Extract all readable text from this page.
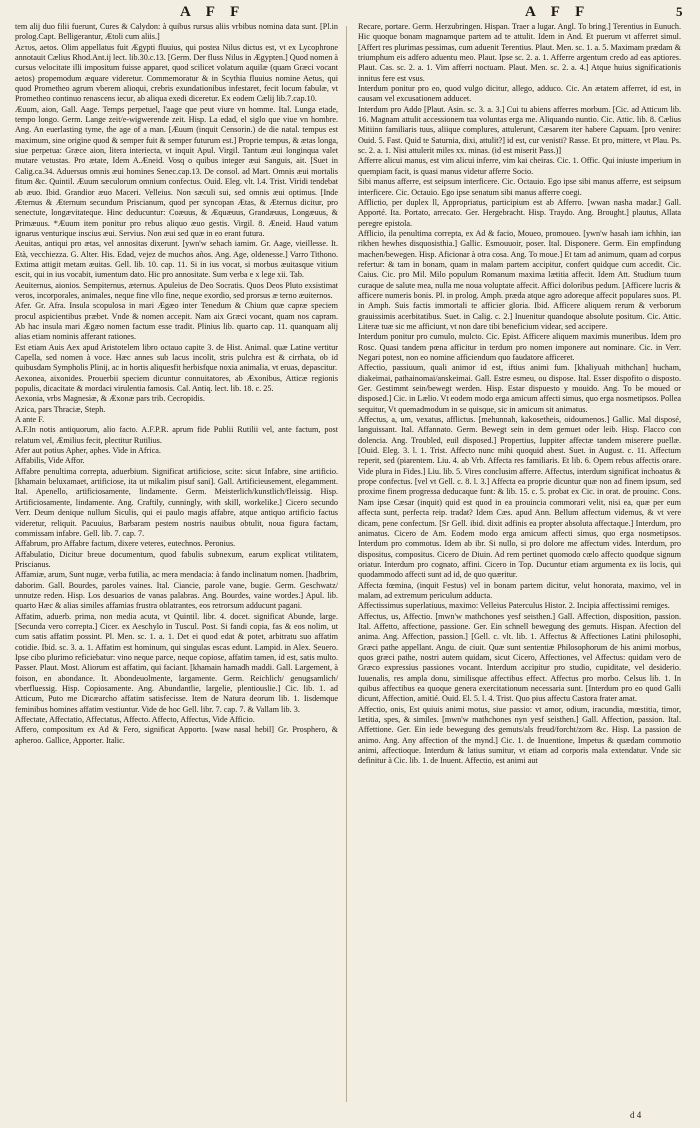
A F F	A F F	5

tem alij duo filii fuerunt, Cures & Calydon: à quibus rursus aliis vrbibus nomina data sunt. [Pl.in prolog.Capt. Belligerantur, Ætoli cum aliis.]

Aετυs, aetos. Olim appellatus fuit Ægypti fluuius, qui postea Nilus dictus est, vt ex Lycophrone annotauit Cælius Rhod.Ant.ij lect. lib.30.c.13. [Germ. Der fluss Nilus in Ægypten.] Quod nomen à cursus velocitate illi impositum fuisse apparet, quod scilicet volatum aquilæ (quam Græci vocant aetos) propemodum æquare videretur. Commemoratur & in Scythia fluuius nomine Aetus, qui quod Prometheo agrum vberem alioqui, crebris exundationibus infestaret, fecit locum fabulæ, vt Prometheo continuo renascens iecur, ab aliqua exedi diceretur. Ex eodem Cælij lib.7.cap.10.

Æuum, aion, Gall. Aage. Temps perpetuel, l'aage que peut viure vn homme. Ital. Lunga etade, tempo longo. Germ. Lange zeit/e-wigwerende zeit. Hisp. La edad, el siglo que viue vn hombre. Ang. An euerlasting tyme, the age of a man. [Æuum (inquit Censorin.) de die natal. tempus est maximum, sine origine quod & semper fuit & semper futurum est.] Proprie tempus, & ætas longa, siue perpetua: Græce aion, litera interiecta, vt inquit Apul. Virgil. Tantum æui longinqua valet mutare vetustas. Pro ætate, Idem A.Æneid. Vosq o quibus integer æui Sanguis, ait. [Suet in Calig.ca.34. Aduersus omnis æui homines Senec.cap.13. De consol. ad Mart. Omnis æui mortalis fitum &c. Quintil. Æuum sæculorum omnium confectus. Ouid. Eleg. vlt. l.4. Trist. Viridi tendebat ab æuo. Ibid. Grandior æuo Maceri. Velleius. Non sæculi sui, sed omnis æui optimus. [Inde Æternus & Æternum secundum Priscianum, quod per syncopan Ætas, & Æternus dicitur, pro senectute, longævitateque. Hinc deducuntur: Coæuus, & Æquæuus, Grandæuus, Longæuus, & Primæuus. *Æuum item ponitur pro rebus aliquo æuo gestis. Virgil. 8. Æneid. Haud vatum ignarus venturique inscius æui. Servius. Non æui sed quæ in eo erant futura.

Aeuitas, antiqui pro ætas, vel annositas dixerunt. [ywn'w sehach iamim. Gr. Aage, vieillesse. It. Età, vecchiezza. G. Alter. His. Edad, vejez de muchos años. Ang. Age, oldenesse.] Varro Tithono. Extima attigit metam æuitas. Gell. lib. 10. cap. 11. Si in ius vocat, si morbus æuitasque vitium escit, qui in ius vocabit, iumentum dato. Hic pro annositate. Sum verba e x lege xii. Tab.

Aeuiternus, aionios. Sempiternus, æternus. Apuleius de Deo Socratis. Quos Deos Pluto exsistimat veros, incorporales, animales, neque fine vllo fine, neque exordio, sed prorsus æ terno æuiternos.

Afer. Gr. Afra. Insula scopulosa in mari Ægæo inter Tenedum & Chium quæ capræ speciem procul aspicientibus præbet. Vnde & nomen accepit. Nam aix Græci vocant, quam nos capram. Ab hac insula mari Ægæo nomen factum esse tradit. Plinius lib. quarto cap. 11. quanquam alij alias etiam nominis afferant rationes.

Est etiam Auis Aex apud Aristotelem libro octauo capite 3. de Hist. Animal. quæ Latine vertitur Capella, sed nomen à voce. Hæc annes sub lacus incolit, stris pulchra est & cirrhata, ob id quibusdam Sympholis Plinij, ac in hortis aliquesfit herbisfque noxia animalia, vt eruas, depascitur.

Aexonea, aixonides. Prouerbii speciem dicuntur connuitatores, ab Æxonibus, Atticæ regionis populis, dicacitate & mordaci virulentia famosis. Cal. Antiq. lect. lib. 18. c. 25.

Aexonia, vrbs Magnesiæ, & Æxonæ pars trib. Cecropidis.

Azica, pars Thraciæ, Steph.

A ante F.

A.F.In notis antiquorum, alio facto. A.F.P.R. aprum fide Publii Rutilii vel, ante factum, post relatum vel, Æmilius fecit, plectitur Rutilius.

Afer aut potius Apher, aphes. Vide in Africa.

Affabilis, Vide Affor.

Affabre penultima correpta, aduerbium. Significat artificiose, scite: sicut Infabre, sine artificio. [khamain beluxamaet, artificiose, ita ut mikalim pisuf sani]. Gall. Artificieusement, elegamment. Ital. Apenello, artificiosamente, lindamente. Germ. Meisterlich/kunstlich/fleissig. Hisp. Artificiosamente, lindamente. Ang. Craftily, cunningly, with skill, workelike.] Cicero secundo Verr. Deum denique nullum Siculis, qui ei paulo magis affabre, atque antiquo artificio factus videretur, reliquit. Pacuuius, Barbaram pestem nostris nauibus obtulit, noua figura factam, commissam infabre. Gell. lib. 7. cap. 7.

Affabrum, pro Affabre factum, dixere veteres, eutechnos. Peronius.

Affabulatio, Dicitur breue documentum, quod fabulis subnexum, earum explicat vtilitatem, Priscianus.

Affamiæ, arum, Sunt nugæ, verba futilia, ac mera mendacia: à fando inclinatum nomen. [hadbrim, daborim. Gall. Bourdes, paroles vaines. Ital. Ciancie, parole vane, bugie. Germ. Geschwatz/ unnutze reden. Hisp. Los desuarios de vanas palabras. Ang. Bourdes, vaine wordes.] Apul. lib. quarto Hæc & alias similes affamias frustra oblatrantes, eos retrorsum adducunt pagani.

Affatim, aduerb. prima, non media acuta, vt Quintil. libr. 4. docet. significat Abunde, large. [Secunda vero correpta.] Cicer. ex Aeschylo in Tuscul. Post. Si fandi copia, fas & eos nolim, ut cum satis affatim possint. Pl. Men. sc. 1. a. 1. Det ei quod edat & potet, arbitratu suo affatim cotidie. Ibid. sc. 3. a. 1. Affatim est hominum, qui singulas escas edunt. Lampid. in Alex. Seuero. Ipse cibo plurimo reficiebatur: vino neque parce, neque copiose, affatim tamen, id est, satis multo. Passer. Plaut. Most. Aliorum est affatim, qui faciant. [khamain hamadh maddi. Gall. Largement, à foison, en abondance. It. Abondeuolmente, largamente. Germ. Reichlich/ genugsamlich/ vberfluessig. Hisp. Copiosamente. Ang. Abundantlie, largelie, plentiouslie.] Cic. lib. 1. ad Atticum, Puto me Dicæarcho affatim satisfecisse. Item de Natura deorum lib. 1. Iisdemque feminibus homines affatim vestiuntur. Vide de hoc Gell. libr. 7. cap. 7. & Vallam lib. 3.

Affectate, Affectatio, Affectatus, Affecto. Affecto, Affectus, Vide Afficio.

Affero, compositum ex Ad & Fero, significat Apporto. [waw nasal hebil] Gr. Prosphero, & apheroo. Gallice, Apporter. Italic.

Recare, portare. Germ. Herzubringen. Hispan. Traer a lugar. Angl. To bring.] Terentius in Eunuch. Hic quoque bonam magnamque partem ad te attulit. Idem in And. Et puerum vt afferret simul. [Affert res plurimas pessimas, cum aduenit Terentius. Plaut. Men. sc. 1. a. 5. Maximam prædam & triumphum eis adfero aduentu meo. Plaut. Ipse sc. 2. a. 1. Afferre argentum credo ad eas aptiores. Plaut. Cas. sc. 2. a. 1. Vim afferri noctuam. Plaut. Men. sc. 2. a. 4.] Atque huius significationis innitus fere est vsus.

Interdum ponitur pro eo, quod vulgo dicitur, allego, adduco. Cic. An ætatem afferret, id est, in causam vel excusationem adducet.

Interdum pro Addo [Plaut. Asin. sc. 3. a. 3.] Cui tu abiens afferres morbum. [Cic. ad Atticum lib. 16. Magnam attulit accessionem tua voluntas erga me. Aliquando nuntio. Cic. Attic. lib. 8. Cælius Mitiinn familiaris tuus, aliique complures, attulerunt, Cæsarem iter habere Capuam. [pro venire: Ouid. 5. Fast. Quid te Saturnia, dixi, attulit?] id est, cur venisti? Rasse. Et pro, mittere, vt Plau. Ps. sc. 2. a. 1. Nisi attulerit miles xx. minas. (id est miserit Pass.)]

Afferre alicui manus, est vim alicui inferre, vim kai cheiras. Cic. 1. Offic. Qui iniuste imperium in quempiam facit, is quasi manus videtur afferre Socio.

Sibi manus afferre, est seipsum interficere. Cic. Octauio. Ego ipse sibi manus afferre, est seipsum interficere. Cic. Octauio. Ego ipse senatum sibi manus afferre coegi.

Afflictio, per duplex ll, Appropriatus, participium est ab Afferro. [wwan nasha madar.] Gall. Apporté. Ita. Portato, arrecato. Ger. Hergebracht. Hisp. Traydo. Ang. Brought.] plautus, Allata peregre epistola.

Afflicio, ila penultima correpta, ex Ad & facio, Moueo, promoueo. [ywn'w hasah iam ichhin, ian rikhen hewhes disquosisthia.] Gallic. Esmouuoir, poser. Ital. Disponere. Germ. Ein empfindung machen/bewegen. Hisp. Aficionar à otra cosa. Ang. To moue.] Et tam ad animum, quam ad corpus refertur: & tam in bonam, quam in malam partem accipitur, confert quidque cum accedit. Cic. Caius. Cic. pro Mil. Milo populum Romanum maxima lætitia affecit. Idem Att. Studium tuum curaque de salute mea, nulla me noua voluptate affecit. Affici doloribus pedum. [Afficere lucris & afficere numeris bonis. Pl. in prolog. Amph. præda atque agro adoreque affecit populares suos. Pl. in Amph. Suis factis immortali te afficier gloria. Ibid. Afficere aliquem rerum & verborum grauissimis acerbitatibus. Suet. in Calig. c. 2.] Inuenitur quandoque absolute positum. Cic. Attic. Literæ tuæ sic me afficiunt, vt non dare tibi beneficium videar, sed accipere.

Interdum ponitur pro cumulo, mulcto. Cic. Epist. Afficere aliquem maximis muneribus. Idem pro Rosc. Quasi tandem pœna afficitur in terdum pro nomen imponere aut nominare. Cic. in Verr. Negari potest, non eo nomine afficiendum quo faudatore afficeret.

Affectio, passiuum, quali animor id est, iftius animi fum. [khaliyuah mithchan] hucham, diakeimai, pathainomai/anskeimai. Gall. Estre esmeu, ou dispose. Ital. Esser dispofito o disposto. Ger. Gestimmt sein/bewegt werden. Hisp. Estar dispuesto y mouido. Ang. To be moued or disposed.] Cic. in Lælio. Vt eodem modo erga amicum affecti simus, quo erga nosmetipsos. Pollea sequitur, Vt quemadmodum in se quisque, sic in amicum sit animatus.

Affectus, a, um, vexatus, afflictus. [mehunnah, kakosetheis, oidoumenos.] Gallic. Mal disposé, languissant. Ital. Affannato. Germ. Bewegt sein in dem gemuet oder leib. Hisp. Flacco con dolencia. Ang. Troubled, euil disposed.] Propertius, Iuppiter affectæ tandem miserere puellæ. [Ouid. Eleg. 3. l. 1. Trist. Affecto nunc mihi quoquid abest. Suet. in August. c. 11. Affectum reperit, sed (piarentem. Liu. 4. ab Vrb. Affecta res familiaris. Et lib. 6. Opem rebus affectis orare. Vide plura in Fides.] Liu. lib. 5. Vires conclusim afferre. Affectus, interdum significat inchoatus & prope confectus. [vel vt Gell. c. 8. l. 3.] Affecta ea proprie dicuntur quæ non ad finem ipsum, sed proxime finem progressa deducaque funt: & lib. 15. c. 5. probat ex Cic. in orat. de prouinc. Cons. Nam ipse Cæsar (inquit) quid est quod in ea prouincia commorari velit, nisi ea, quæ per eum affecta sunt, perfecta reip. tradat? Idem Cæs. apud Ann. Bellum affectum videmus, & vt vere dicam, pene confectum. [Sr Gell. ibid. dixit adfinis ea propter absoluta affectaque.] Interdum, pro animatus. Cicero de Am. Eodem modo erga amicum affecti simus, quo erga nosmetipsos. Interdum pro commotus. Idem ab ibr. Si nullo, si pro dolore me affectum vides. Interdum, pro dispositus, compositus. Cicero de Diuin. Ad rem pertinet quomodo cœlo affecto quodque signum oriatur. Interdum pro cognato, affini. Cicero in Top. Ducuntur etiam argumenta ex iis locis, qui quodammodo affecti sunt ad id, de quo quæritur.

Affecta fœmina, (inquit Festus) vel in bonam partem dicitur, velut honorata, maximo, vel in malam, ad extremum periculum adducta.

Affectissimus superlatiuus, maximo: Velleius Paterculus Histor. 2. Incipia affectissimi remiges.

Affectus, us, Affectio. [mwn'w mathchones yesf seisthen.] Gall. Affection, disposition, passion. Ital. Affetto, affectione, passione. Ger. Ein schnell bewegung des gemuts. Hispan. Afection del anima. Ang. Affection, passion.] [Gell. c. vlt. lib. 1. Affectus & Affectiones Latini philosophi, Græci pathe appellant. Angu. de ciuit. Quæ sunt sententiæ Philosophorum de his animi morbus, quos græci pathe, nostri autem quidam, sicut Cicero, Affectiones, vel Affectus: quidam vero de Græco expressius passiones vocant. Interdum accipitur pro studio, cupiditate, vel desiderio. Iuuenalis, res ampla donu, similisque affectibus effect. Affectus pro morbo. Celsus lib. 1. In quibus affectibus ea quoque genera exercitationum necessaria sunt. [Interdum pro eo quod Galli dicunt, Affection, amitié. Ouid. El. 5. l. 4. Trist. Quo pius affectu Castora frater amat.

Affectio, onis, Est quiuis animi motus, siue passio: vt amor, odium, iracundia, mœstitia, timor, lætitia, spes, & similes. [mwn'w mathchones nyn yesf seisthen.] Gall. Affection, passion. Ital. Affettione. Ger. Ein iede bewegung des gemuts/als freud/forcht/zorn &c. Hisp. La passion de animo. Ang. Any affection of the mynd.] Cic. 1. de Inuentione, Impetus & quædam commotio animi, affectioque. Interdum & latius sumitur, vt etiam ad corporis mala extendatur. Vnde sic definitur à Cic. lib. 1. de Inuent. Affectio, est animi aut

d 4
